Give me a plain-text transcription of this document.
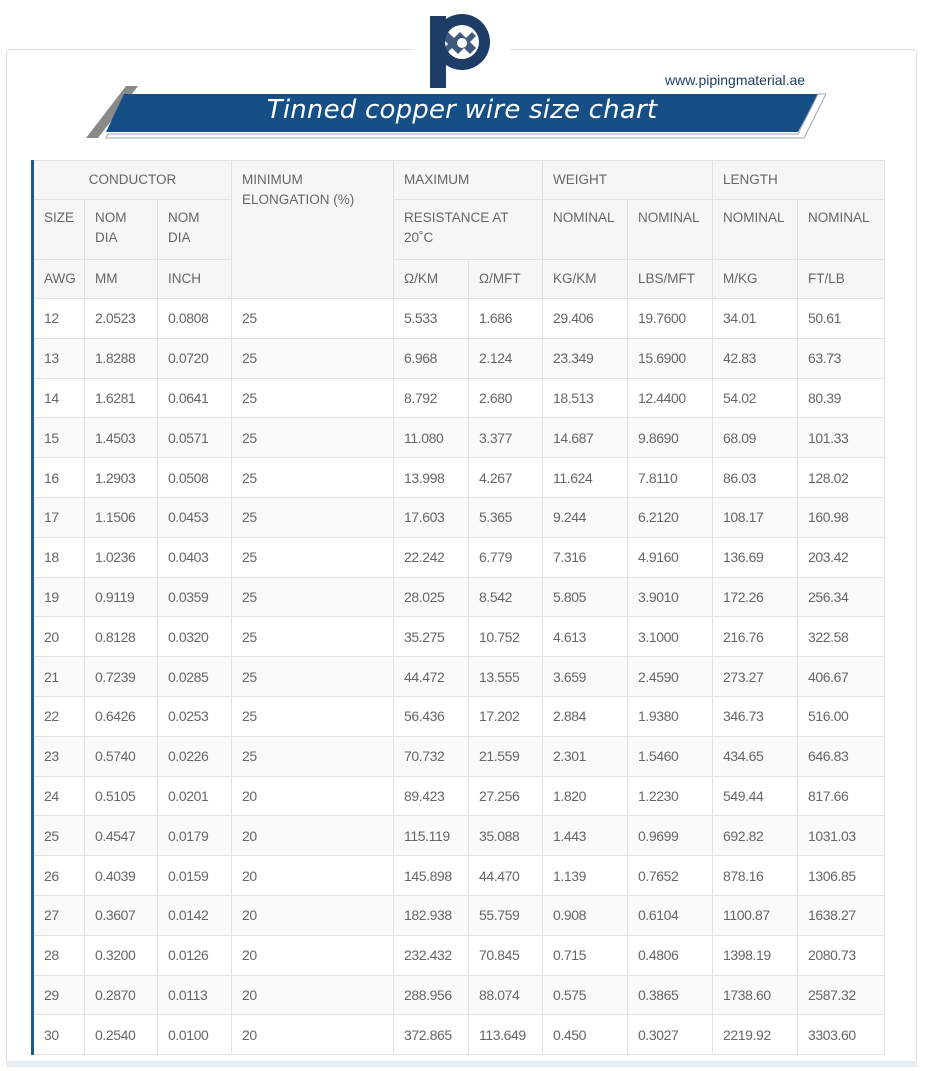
www.pipingmaterial.ae
Tinned copper wire size chart
CONDUCTOR			MINIMUM ELONGATION (%)	MAXIMUM		WEIGHT		LENGTH	
SIZE	NOM DIA	NOM DIA		RESISTANCE AT 20˚C		NOMINAL	NOMINAL	NOMINAL	NOMINAL
AWG	MM	INCH		Ω/KM	Ω/MFT	KG/KM	LBS/MFT	M/KG	FT/LB
12	2.0523	0.0808	25	5.533	1.686	29.406	19.7600	34.01	50.61
13	1.8288	0.0720	25	6.968	2.124	23.349	15.6900	42.83	63.73
14	1.6281	0.0641	25	8.792	2.680	18.513	12.4400	54.02	80.39
15	1.4503	0.0571	25	11.080	3.377	14.687	9.8690	68.09	101.33
16	1.2903	0.0508	25	13.998	4.267	11.624	7.8110	86.03	128.02
17	1.1506	0.0453	25	17.603	5.365	9.244	6.2120	108.17	160.98
18	1.0236	0.0403	25	22.242	6.779	7.316	4.9160	136.69	203.42
19	0.9119	0.0359	25	28.025	8.542	5.805	3.9010	172.26	256.34
20	0.8128	0.0320	25	35.275	10.752	4.613	3.1000	216.76	322.58
21	0.7239	0.0285	25	44.472	13.555	3.659	2.4590	273.27	406.67
22	0.6426	0.0253	25	56.436	17.202	2.884	1.9380	346.73	516.00
23	0.5740	0.0226	25	70.732	21.559	2.301	1.5460	434.65	646.83
24	0.5105	0.0201	20	89.423	27.256	1.820	1.2230	549.44	817.66
25	0.4547	0.0179	20	115.119	35.088	1.443	0.9699	692.82	1031.03
26	0.4039	0.0159	20	145.898	44.470	1.139	0.7652	878.16	1306.85
27	0.3607	0.0142	20	182.938	55.759	0.908	0.6104	1100.87	1638.27
28	0.3200	0.0126	20	232.432	70.845	0.715	0.4806	1398.19	2080.73
29	0.2870	0.0113	20	288.956	88.074	0.575	0.3865	1738.60	2587.32
30	0.2540	0.0100	20	372.865	113.649	0.450	0.3027	2219.92	3303.60
